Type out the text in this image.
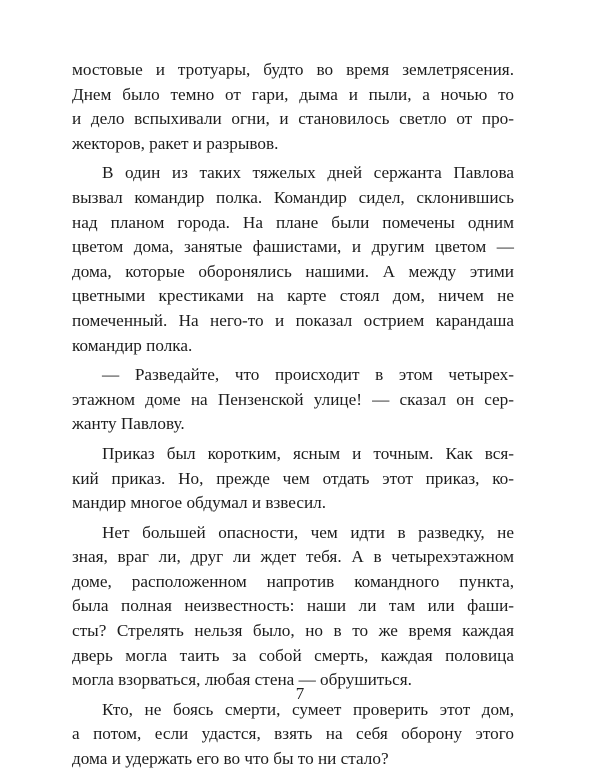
мостовые и тротуары, будто во время землетрясения.
Днем было темно от гари, дыма и пыли, а ночью то
и дело вспыхивали огни, и становилось светло от про-
жекторов, ракет и разрывов.
В один из таких тяжелых дней сержанта Павлова
вызвал командир полка. Командир сидел, склонившись
над планом города. На плане были помечены одним
цветом дома, занятые фашистами, и другим цветом —
дома, которые оборонялись нашими. А между этими
цветными крестиками на карте стоял дом, ничем не
помеченный. На него-то и показал острием карандаша
командир полка.
— Разведайте, что происходит в этом четырех-
этажном доме на Пензенской улице! — сказал он сер-
жанту Павлову.
Приказ был коротким, ясным и точным. Как вся-
кий приказ. Но, прежде чем отдать этот приказ, ко-
мандир многое обдумал и взвесил.
Нет большей опасности, чем идти в разведку, не
зная, враг ли, друг ли ждет тебя. А в четырехэтажном
доме, расположенном напротив командного пункта,
была полная неизвестность: наши ли там или фаши-
сты? Стрелять нельзя было, но в то же время каждая
дверь могла таить за собой смерть, каждая половица
могла взорваться, любая стена — обрушиться.
Кто, не боясь смерти, сумеет проверить этот дом,
а потом, если удастся, взять на себя оборону этого
дома и удержать его во что бы то ни стало?
7
